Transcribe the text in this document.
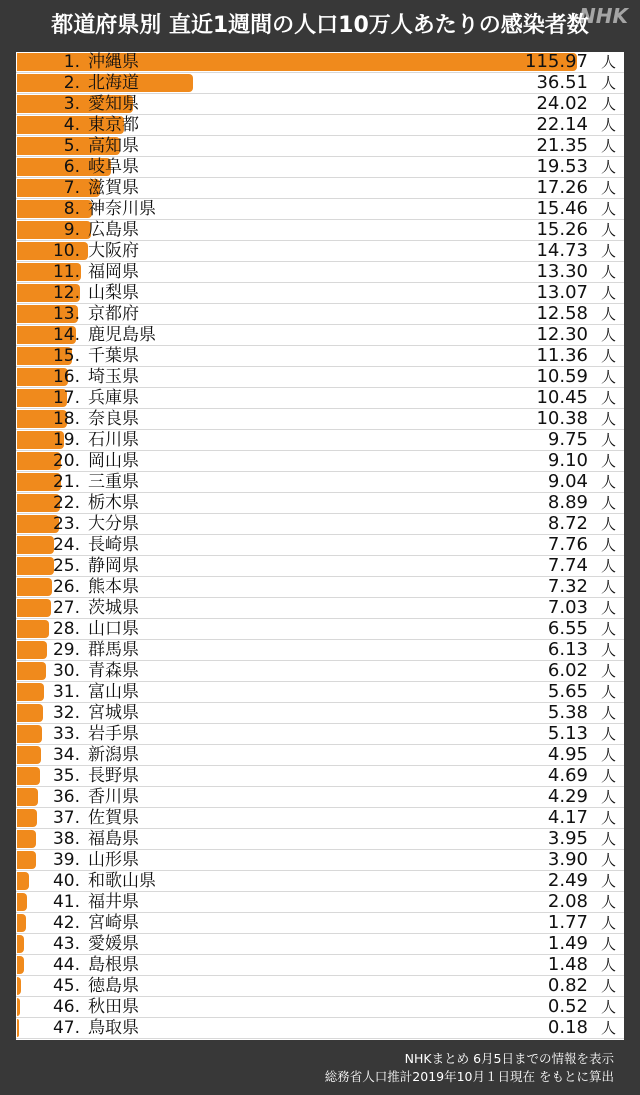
都道府県別 直近1週間の人口10万人あたりの感染者数
NHK
1. 沖縄県	115.97 人
2. 北海道	36.51 人
3. 愛知県	24.02 人
4. 東京都	22.14 人
5. 高知県	21.35 人
6. 岐阜県	19.53 人
7. 滋賀県	17.26 人
8. 神奈川県	15.46 人
9. 広島県	15.26 人
10. 大阪府	14.73 人
11. 福岡県	13.30 人
12. 山梨県	13.07 人
13. 京都府	12.58 人
14. 鹿児島県	12.30 人
15. 千葉県	11.36 人
16. 埼玉県	10.59 人
17. 兵庫県	10.45 人
18. 奈良県	10.38 人
19. 石川県	9.75 人
20. 岡山県	9.10 人
21. 三重県	9.04 人
22. 栃木県	8.89 人
23. 大分県	8.72 人
24. 長崎県	7.76 人
25. 静岡県	7.74 人
26. 熊本県	7.32 人
27. 茨城県	7.03 人
28. 山口県	6.55 人
29. 群馬県	6.13 人
30. 青森県	6.02 人
31. 富山県	5.65 人
32. 宮城県	5.38 人
33. 岩手県	5.13 人
34. 新潟県	4.95 人
35. 長野県	4.69 人
36. 香川県	4.29 人
37. 佐賀県	4.17 人
38. 福島県	3.95 人
39. 山形県	3.90 人
40. 和歌山県	2.49 人
41. 福井県	2.08 人
42. 宮崎県	1.77 人
43. 愛媛県	1.49 人
44. 島根県	1.48 人
45. 徳島県	0.82 人
46. 秋田県	0.52 人
47. 鳥取県	0.18 人
NHKまとめ 6月5日までの情報を表示
総務省人口推計2019年10月１日現在 をもとに算出
